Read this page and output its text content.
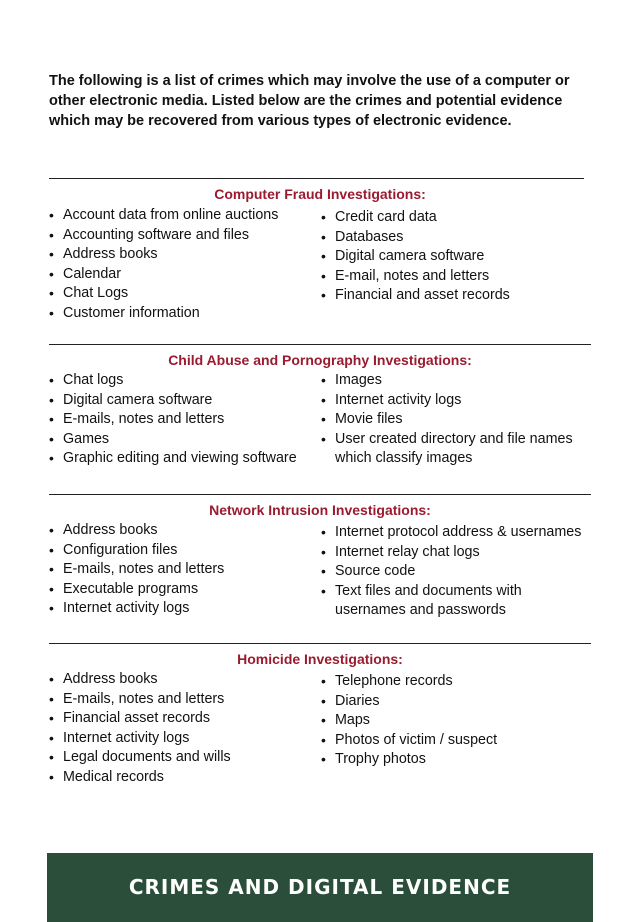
The following is a list of crimes which may involve the use of a computer or other electronic media. Listed below are the crimes and potential evidence which may be recovered from various types of electronic evidence.

Computer Fraud Investigations:
• Account data from online auctions
• Accounting software and files
• Address books
• Calendar
• Chat Logs
• Customer information
• Credit card data
• Databases
• Digital camera software
• E-mail, notes and letters
• Financial and asset records
Child Abuse and Pornography Investigations:
• Chat logs
• Digital camera software
• E-mails, notes and letters
• Games
• Graphic editing and viewing software
• Images
• Internet activity logs
• Movie files
• User created directory and file names
which classify images
Network Intrusion Investigations:
• Address books
• Configuration files
• E-mails, notes and letters
• Executable programs
• Internet activity logs
• Internet protocol address & usernames
• Internet relay chat logs
• Source code
• Text files and documents with
usernames and passwords
Homicide Investigations:
• Address books
• E-mails, notes and letters
• Financial asset records
• Internet activity logs
• Legal documents and wills
• Medical records
• Telephone records
• Diaries
• Maps
• Photos of victim / suspect
• Trophy photos
CRIMES AND DIGITAL EVIDENCE
